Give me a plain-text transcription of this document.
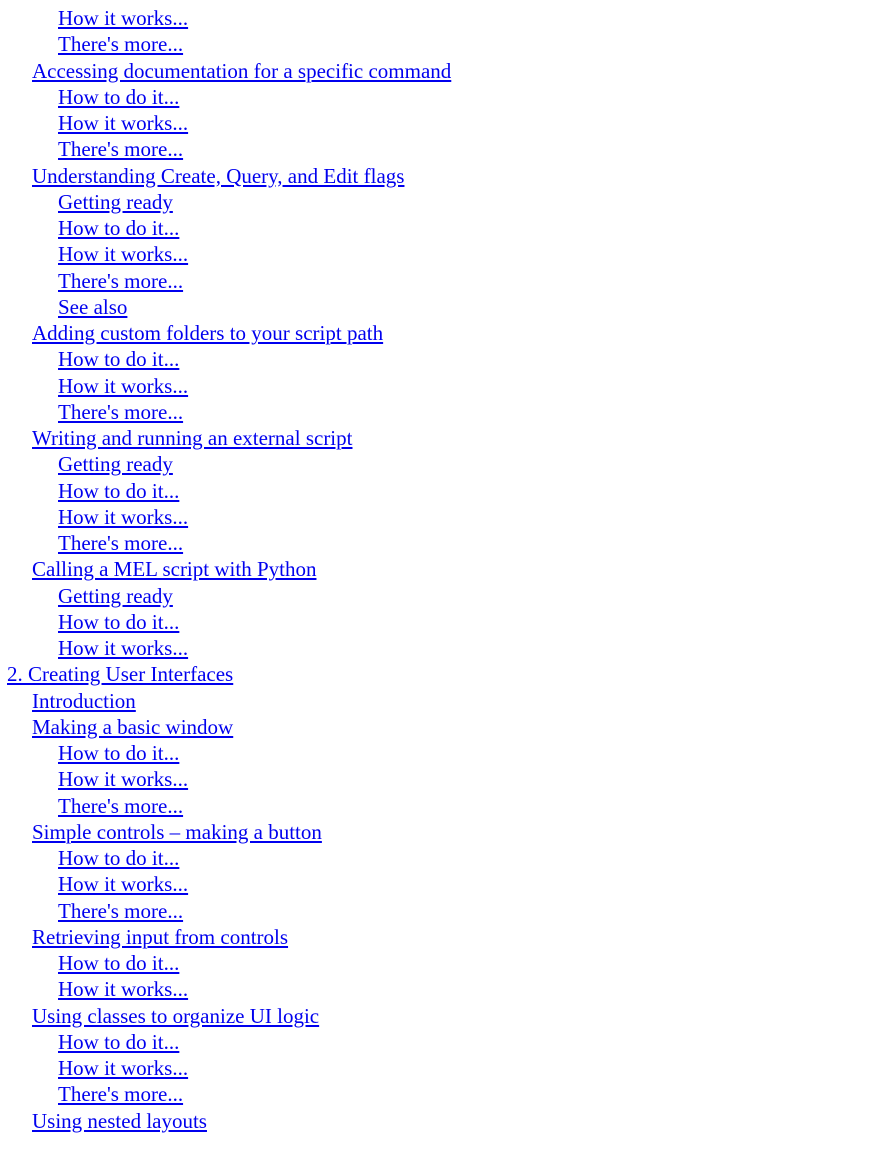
How it works...
There's more...
Accessing documentation for a specific command
How to do it...
How it works...
There's more...
Understanding Create, Query, and Edit flags
Getting ready
How to do it...
How it works...
There's more...
See also
Adding custom folders to your script path
How to do it...
How it works...
There's more...
Writing and running an external script
Getting ready
How to do it...
How it works...
There's more...
Calling a MEL script with Python
Getting ready
How to do it...
How it works...
2. Creating User Interfaces
Introduction
Making a basic window
How to do it...
How it works...
There's more...
Simple controls – making a button
How to do it...
How it works...
There's more...
Retrieving input from controls
How to do it...
How it works...
Using classes to organize UI logic
How to do it...
How it works...
There's more...
Using nested layouts
